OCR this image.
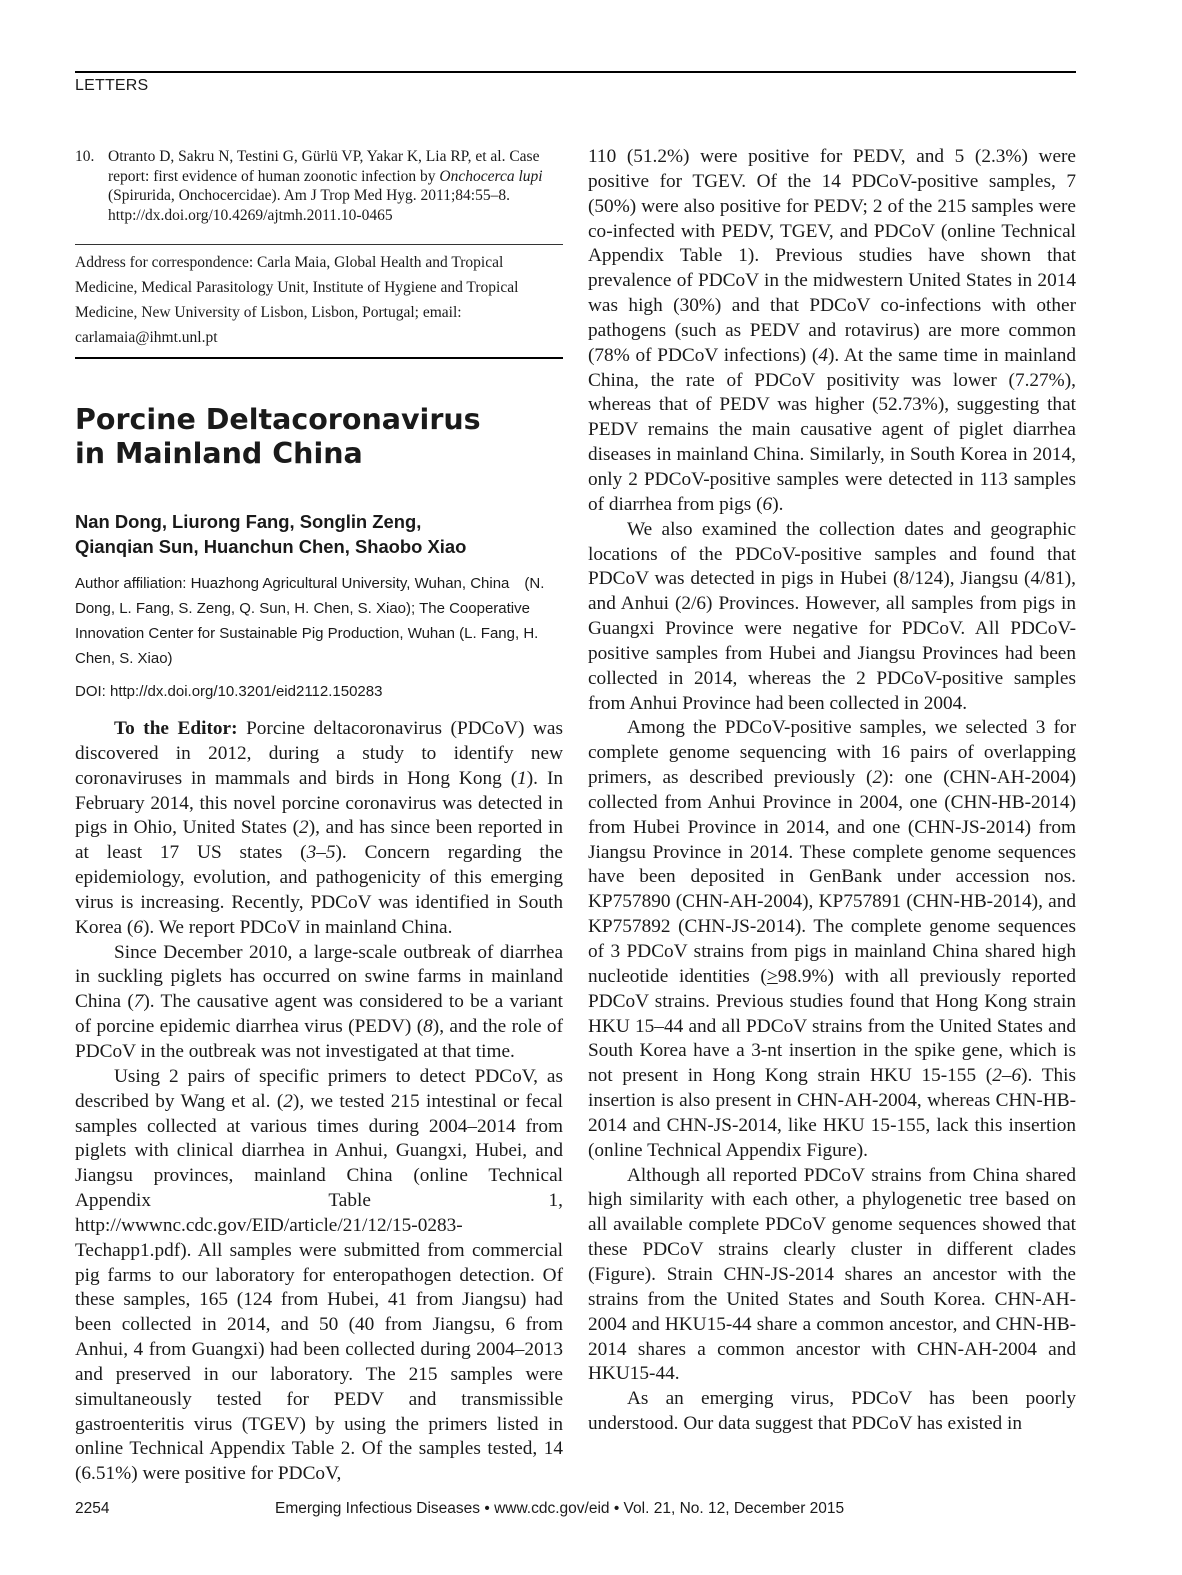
LETTERS
10. Otranto D, Sakru N, Testini G, Gürlü VP, Yakar K, Lia RP, et al. Case report: first evidence of human zoonotic infection by Onchocerca lupi (Spirurida, Onchocercidae). Am J Trop Med Hyg. 2011;84:55–8. http://dx.doi.org/10.4269/ajtmh.2011.10-0465
Address for correspondence: Carla Maia, Global Health and Tropical Medicine, Medical Parasitology Unit, Institute of Hygiene and Tropical Medicine, New University of Lisbon, Lisbon, Portugal; email: carlamaia@ihmt.unl.pt
Porcine Deltacoronavirus
in Mainland China
Nan Dong, Liurong Fang, Songlin Zeng,
Qianqian Sun, Huanchun Chen, Shaobo Xiao
Author affiliation: Huazhong Agricultural University, Wuhan, China　(N. Dong, L. Fang, S. Zeng, Q. Sun, H. Chen, S. Xiao); The Cooperative Innovation Center for Sustainable Pig Production, Wuhan (L. Fang, H. Chen, S. Xiao)
DOI: http://dx.doi.org/10.3201/eid2112.150283

To the Editor: Porcine deltacoronavirus (PDCoV) was discovered in 2012, during a study to identify new coronaviruses in mammals and birds in Hong Kong (1). In February 2014, this novel porcine coronavirus was detected in pigs in Ohio, United States (2), and has since been reported in at least 17 US states (3–5). Concern regarding the epidemiology, evolution, and pathogenicity of this emerging virus is increasing. Recently, PDCoV was identified in South Korea (6). We report PDCoV in mainland China.

Since December 2010, a large-scale outbreak of diarrhea in suckling piglets has occurred on swine farms in mainland China (7). The causative agent was considered to be a variant of porcine epidemic diarrhea virus (PEDV) (8), and the role of PDCoV in the outbreak was not investigated at that time.

Using 2 pairs of specific primers to detect PDCoV, as described by Wang et al. (2), we tested 215 intestinal or fecal samples collected at various times during 2004–2014 from piglets with clinical diarrhea in Anhui, Guangxi, Hubei, and Jiangsu provinces, mainland China (online Technical Appendix Table 1, http://wwwnc.cdc.gov/EID/article/21/12/15-0283-Techapp1.pdf). All samples were submitted from commercial pig farms to our laboratory for enteropathogen detection. Of these samples, 165 (124 from Hubei, 41 from Jiangsu) had been collected in 2014, and 50 (40 from Jiangsu, 6 from Anhui, 4 from Guangxi) had been collected during 2004–2013 and preserved in our laboratory. The 215 samples were simultaneously tested for PEDV and transmissible gastroenteritis virus (TGEV) by using the primers listed in online Technical Appendix Table 2. Of the samples tested, 14 (6.51%) were positive for PDCoV,

110 (51.2%) were positive for PEDV, and 5 (2.3%) were positive for TGEV. Of the 14 PDCoV-positive samples, 7 (50%) were also positive for PEDV; 2 of the 215 samples were co-infected with PEDV, TGEV, and PDCoV (online Technical Appendix Table 1). Previous studies have shown that prevalence of PDCoV in the midwestern United States in 2014 was high (30%) and that PDCoV co-infections with other pathogens (such as PEDV and rotavirus) are more common (78% of PDCoV infections) (4). At the same time in mainland China, the rate of PDCoV positivity was lower (7.27%), whereas that of PEDV was higher (52.73%), suggesting that PEDV remains the main causative agent of piglet diarrhea diseases in mainland China. Similarly, in South Korea in 2014, only 2 PDCoV-positive samples were detected in 113 samples of diarrhea from pigs (6).

We also examined the collection dates and geographic locations of the PDCoV-positive samples and found that PDCoV was detected in pigs in Hubei (8/124), Jiangsu (4/81), and Anhui (2/6) Provinces. However, all samples from pigs in Guangxi Province were negative for PDCoV. All PDCoV-positive samples from Hubei and Jiangsu Provinces had been collected in 2014, whereas the 2 PDCoV-positive samples from Anhui Province had been collected in 2004.

Among the PDCoV-positive samples, we selected 3 for complete genome sequencing with 16 pairs of overlapping primers, as described previously (2): one (CHN-AH-2004) collected from Anhui Province in 2004, one (CHN-HB-2014) from Hubei Province in 2014, and one (CHN-JS-2014) from Jiangsu Province in 2014. These complete genome sequences have been deposited in GenBank under accession nos. KP757890 (CHN-AH-2004), KP757891 (CHN-HB-2014), and KP757892 (CHN-JS-2014). The complete genome sequences of 3 PDCoV strains from pigs in mainland China shared high nucleotide identities (>98.9%) with all previously reported PDCoV strains. Previous studies found that Hong Kong strain HKU 15–44 and all PDCoV strains from the United States and South Korea have a 3-nt insertion in the spike gene, which is not present in Hong Kong strain HKU 15-155 (2–6). This insertion is also present in CHN-AH-2004, whereas CHN-HB-2014 and CHN-JS-2014, like HKU 15-155, lack this insertion (online Technical Appendix Figure).

Although all reported PDCoV strains from China shared high similarity with each other, a phylogenetic tree based on all available complete PDCoV genome sequences showed that these PDCoV strains clearly cluster in different clades (Figure). Strain CHN-JS-2014 shares an ancestor with the strains from the United States and South Korea. CHN-AH-2004 and HKU15-44 share a common ancestor, and CHN-HB-2014 shares a common ancestor with CHN-AH-2004 and HKU15-44.

As an emerging virus, PDCoV has been poorly understood. Our data suggest that PDCoV has existed in

2254	Emerging Infectious Diseases • www.cdc.gov/eid • Vol. 21, No. 12, December 2015
